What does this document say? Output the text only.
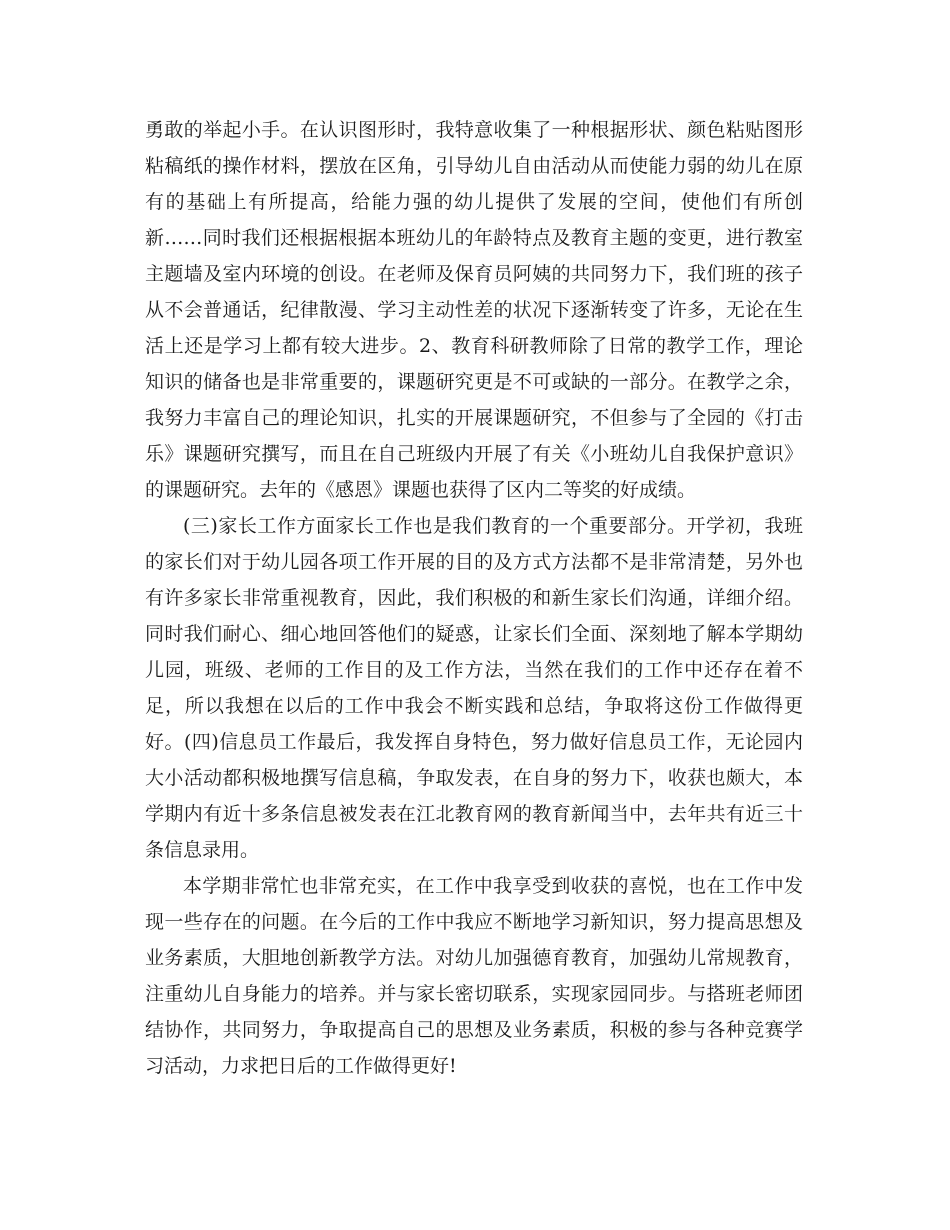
勇敢的举起小手。在认识图形时，我特意收集了一种根据形状、颜色粘贴图形粘稿纸的操作材料，摆放在区角，引导幼儿自由活动从而使能力弱的幼儿在原有的基础上有所提高，给能力强的幼儿提供了发展的空间，使他们有所创新……同时我们还根据根据本班幼儿的年龄特点及教育主题的变更，进行教室主题墙及室内环境的创设。在老师及保育员阿姨的共同努力下，我们班的孩子从不会普通话，纪律散漫、学习主动性差的状况下逐渐转变了许多，无论在生活上还是学习上都有较大进步。2、教育科研教师除了日常的教学工作，理论知识的储备也是非常重要的，课题研究更是不可或缺的一部分。在教学之余，我努力丰富自己的理论知识，扎实的开展课题研究，不但参与了全园的《打击乐》课题研究撰写，而且在自己班级内开展了有关《小班幼儿自我保护意识》的课题研究。去年的《感恩》课题也获得了区内二等奖的好成绩。

(三)家长工作方面家长工作也是我们教育的一个重要部分。开学初，我班的家长们对于幼儿园各项工作开展的目的及方式方法都不是非常清楚，另外也有许多家长非常重视教育，因此，我们积极的和新生家长们沟通，详细介绍。同时我们耐心、细心地回答他们的疑惑，让家长们全面、深刻地了解本学期幼儿园，班级、老师的工作目的及工作方法，当然在我们的工作中还存在着不足，所以我想在以后的工作中我会不断实践和总结，争取将这份工作做得更好。(四)信息员工作最后，我发挥自身特色，努力做好信息员工作，无论园内大小活动都积极地撰写信息稿，争取发表，在自身的努力下，收获也颇大，本学期内有近十多条信息被发表在江北教育网的教育新闻当中，去年共有近三十条信息录用。

本学期非常忙也非常充实，在工作中我享受到收获的喜悦，也在工作中发现一些存在的问题。在今后的工作中我应不断地学习新知识，努力提高思想及业务素质，大胆地创新教学方法。对幼儿加强德育教育，加强幼儿常规教育，注重幼儿自身能力的培养。并与家长密切联系，实现家园同步。与搭班老师团结协作，共同努力，争取提高自己的思想及业务素质，积极的参与各种竞赛学习活动，力求把日后的工作做得更好!
